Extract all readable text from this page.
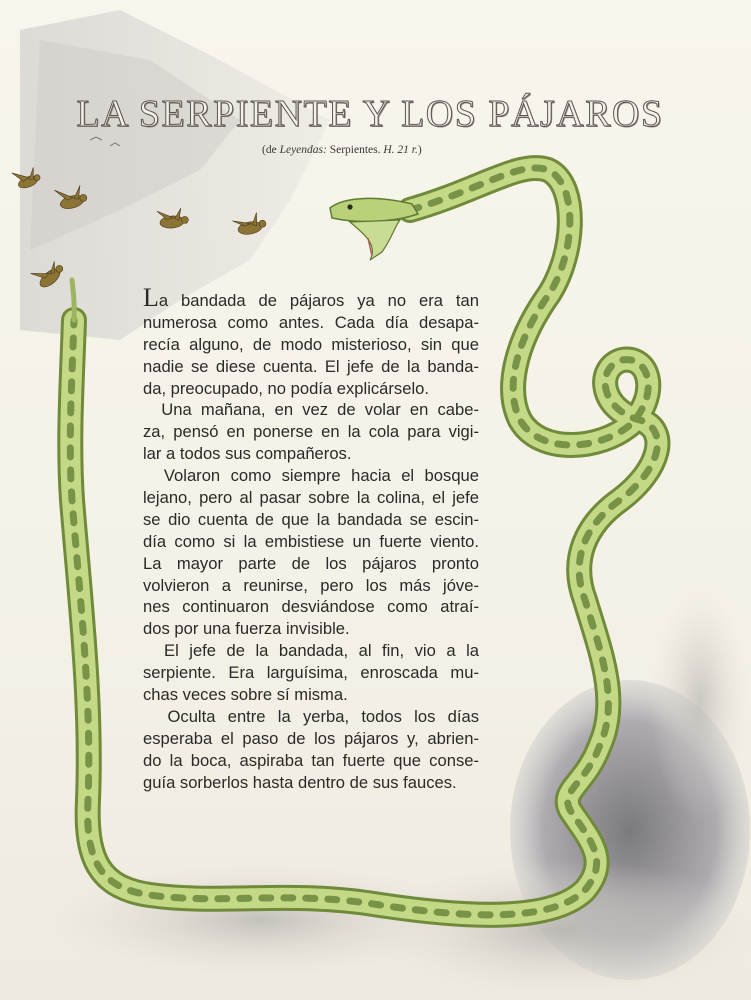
LA SERPIENTE Y LOS PÁJAROS
(de Leyendas: Serpientes. H. 21 r.)
La bandada de pájaros ya no era tan
numerosa como antes. Cada día desapa-
recía alguno, de modo misterioso, sin que
nadie se diese cuenta. El jefe de la banda-
da, preocupado, no podía explicárselo.
Una mañana, en vez de volar en cabe-
za, pensó en ponerse en la cola para vigi-
lar a todos sus compañeros.
Volaron como siempre hacia el bosque
lejano, pero al pasar sobre la colina, el jefe
se dio cuenta de que la bandada se escin-
día como si la embistiese un fuerte viento.
La mayor parte de los pájaros pronto
volvieron a reunirse, pero los más jóve-
nes continuaron desviándose como atraí-
dos por una fuerza invisible.
El jefe de la bandada, al fin, vio a la
serpiente. Era larguísima, enroscada mu-
chas veces sobre sí misma.
Oculta entre la yerba, todos los días
esperaba el paso de los pájaros y, abrien-
do la boca, aspiraba tan fuerte que conse-
guía sorberlos hasta dentro de sus fauces.
